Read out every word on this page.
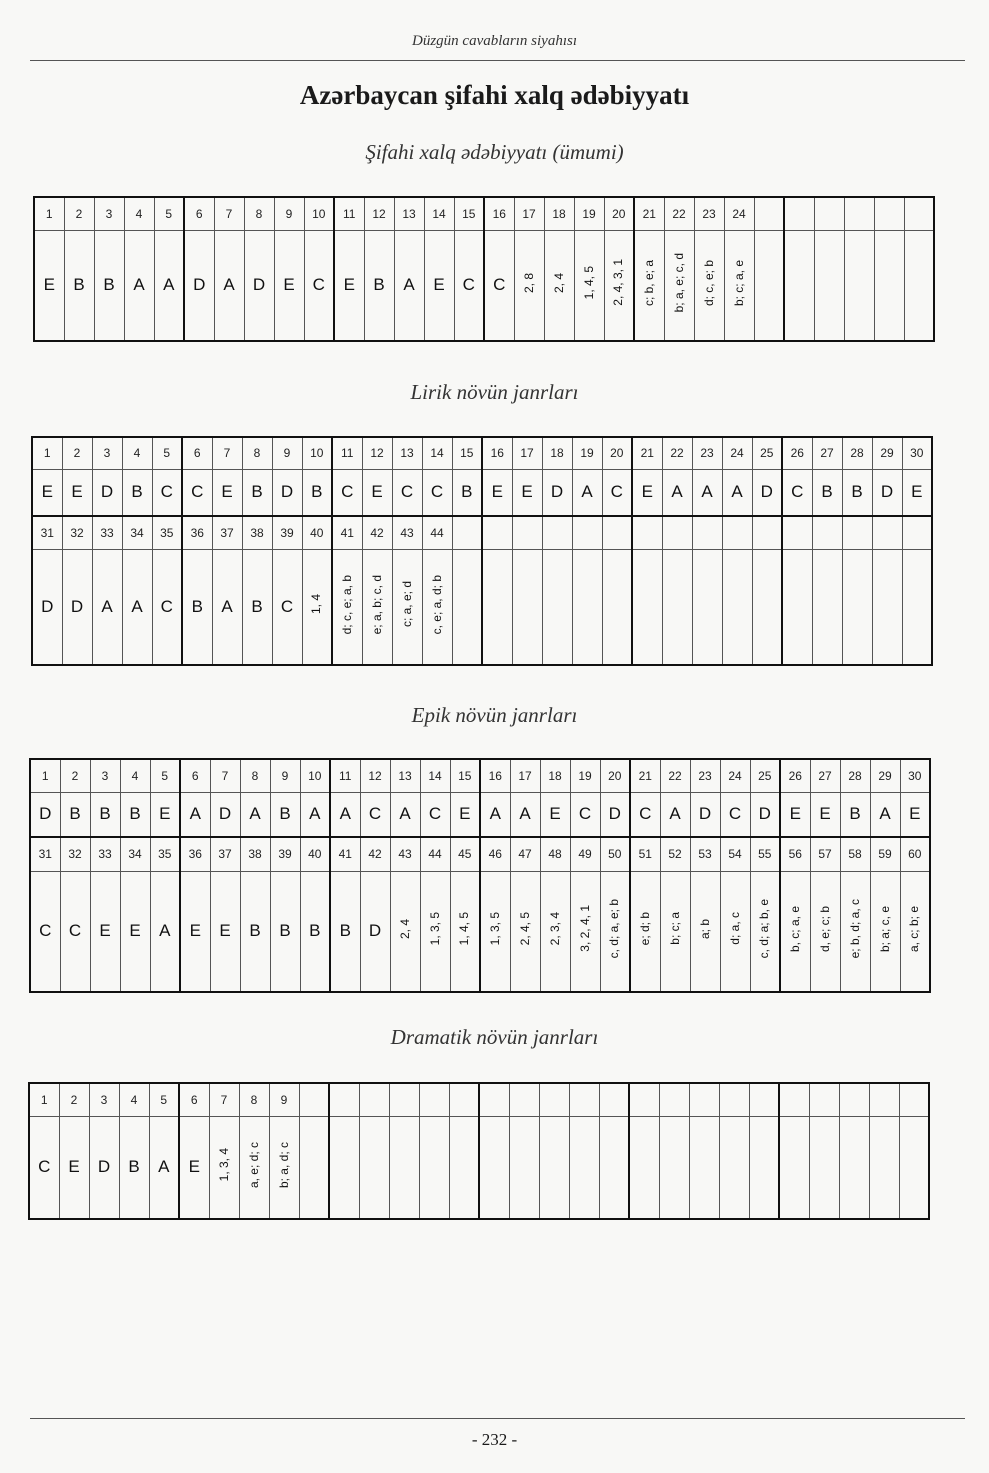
Düzgün cavabların siyahısı
Azərbaycan şifahi xalq ədəbiyyatı
Şifahi xalq ədəbiyyatı (ümumi)
1	2	3	4	5	6	7	8	9	10	11	12	13	14	15	16	17	18	19	20	21	22	23	24						
E	B	B	A	A	D	A	D	E	C	E	B	A	E	C	C	2, 8	2, 4	1, 4, 5	2, 4, 3, 1	c; b, e; a	b; a, e; c, d	d; c, e; b	b; c; a, e						
Lirik növün janrları
1	2	3	4	5	6	7	8	9	10	11	12	13	14	15	16	17	18	19	20	21	22	23	24	25	26	27	28	29	30
E	E	D	B	C	C	E	B	D	B	C	E	C	C	B	E	E	D	A	C	E	A	A	A	D	C	B	B	D	E
31	32	33	34	35	36	37	38	39	40	41	42	43	44																
D	D	A	A	C	B	A	B	C	1, 4	d; c, e; a, b	e; a, b; c, d	c; a, e; d	c, e; a, d; b																
Epik növün janrları
1	2	3	4	5	6	7	8	9	10	11	12	13	14	15	16	17	18	19	20	21	22	23	24	25	26	27	28	29	30
D	B	B	B	E	A	D	A	B	A	A	C	A	C	E	A	A	E	C	D	C	A	D	C	D	E	E	B	A	E
31	32	33	34	35	36	37	38	39	40	41	42	43	44	45	46	47	48	49	50	51	52	53	54	55	56	57	58	59	60
C	C	E	E	A	E	E	B	B	B	B	D	2, 4	1, 3, 5	1, 4, 5	1, 3, 5	2, 4, 5	2, 3, 4	3, 2, 4, 1	c, d; a, e; b	e; d; b	b; c; a	a; b	d; a, c	c, d; a; b, e	b, c; a, e	d, e; c; b	e; b, d; a, c	b; a; c, e	a, c; b; e
Dramatik növün janrları
1	2	3	4	5	6	7	8	9																					
C	E	D	B	A	E	1, 3, 4	a, e; d; c	b; a, d; c																					
- 232 -
